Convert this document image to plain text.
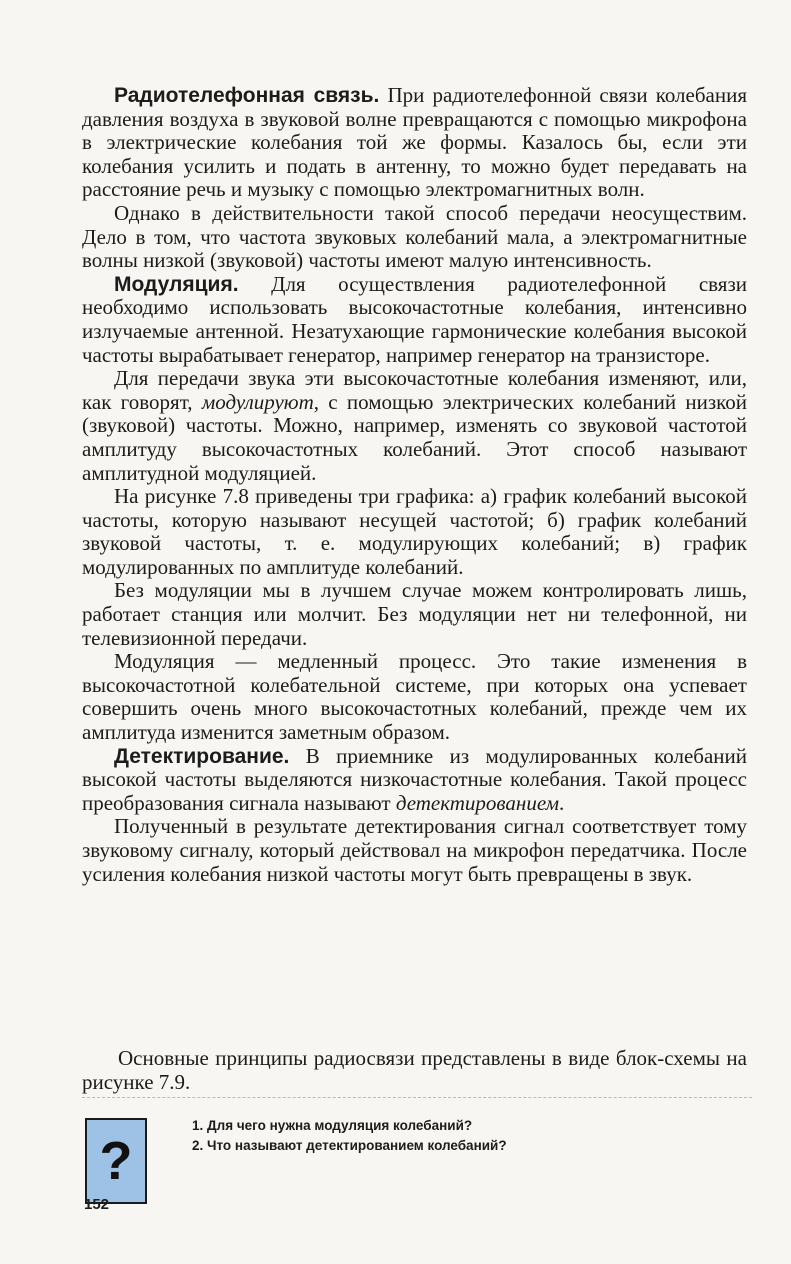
Радиотелефонная связь. При радиотелефонной связи колебания давления воздуха в звуковой волне превращаются с помощью микрофона в электрические колебания той же формы. Казалось бы, если эти колебания усилить и подать в антенну, то можно будет передавать на расстояние речь и музыку с помощью электромагнитных волн.

Однако в действительности такой способ передачи неосуществим. Дело в том, что частота звуковых колебаний мала, а электромагнитные волны низкой (звуковой) частоты имеют малую интенсивность.

Модуляция. Для осуществления радиотелефонной связи необходимо использовать высокочастотные колебания, интенсивно излучаемые антенной. Незатухающие гармонические колебания высокой частоты вырабатывает генератор, например генератор на транзисторе.

Для передачи звука эти высокочастотные колебания изменяют, или, как говорят, модулируют, с помощью электрических колебаний низкой (звуковой) частоты. Можно, например, изменять со звуковой частотой амплитуду высокочастотных колебаний. Этот способ называют амплитудной модуляцией.

На рисунке 7.8 приведены три графика: а) график колебаний высокой частоты, которую называют несущей частотой; б) график колебаний звуковой частоты, т. е. модулирующих колебаний; в) график модулированных по амплитуде колебаний.

Без модуляции мы в лучшем случае можем контролировать лишь, работает станция или молчит. Без модуляции нет ни телефонной, ни телевизионной передачи.

Модуляция — медленный процесс. Это такие изменения в высокочастотной колебательной системе, при которых она успевает совершить очень много высокочастотных колебаний, прежде чем их амплитуда изменится заметным образом.

Детектирование. В приемнике из модулированных колебаний высокой частоты выделяются низкочастотные колебания. Такой процесс преобразования сигнала называют детектированием.

Полученный в результате детектирования сигнал соответствует тому звуковому сигналу, который действовал на микрофон передатчика. После усиления колебания низкой частоты могут быть превращены в звук.

Основные принципы радиосвязи представлены в виде блок-схемы на рисунке 7.9.

?
1. Для чего нужна модуляция колебаний?
2. Что называют детектированием колебаний?
152
